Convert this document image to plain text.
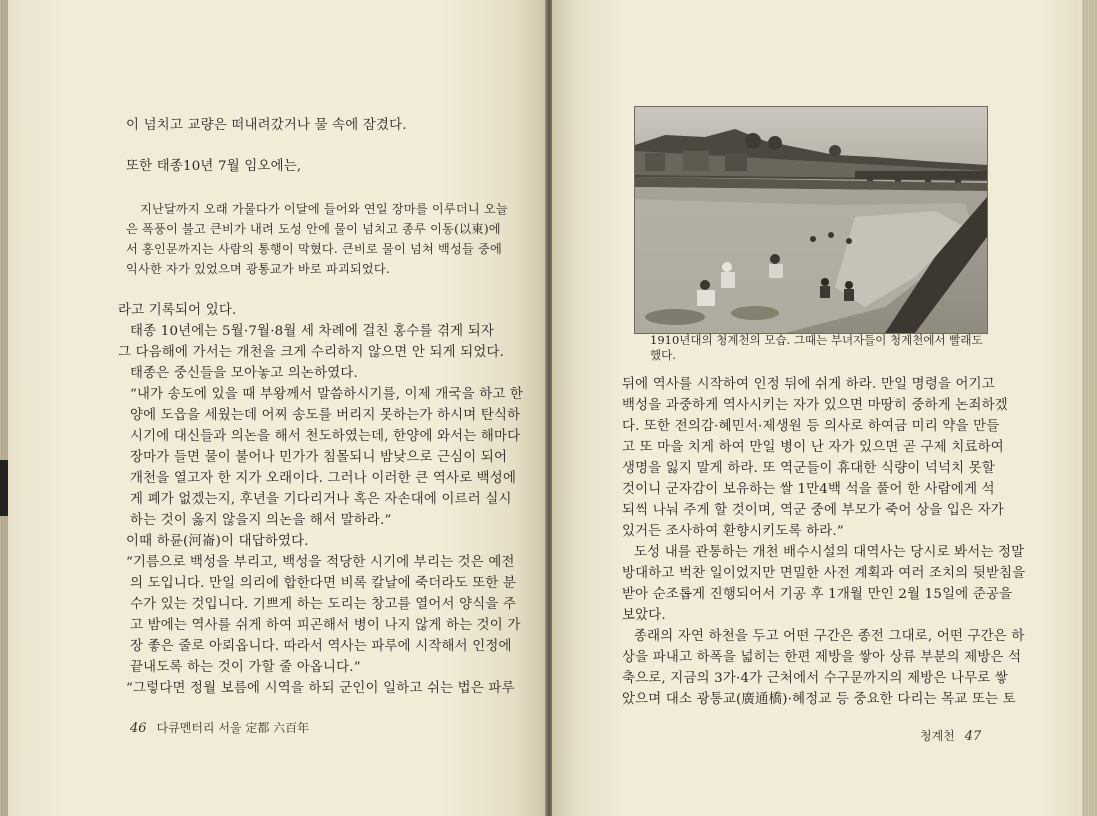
이 넘치고 교량은 떠내려갔거나 물 속에 잠겼다.
또한 태종10년 7월 임오에는,
지난달까지 오래 가물다가 이달에 들어와 연일 장마를 이루더니 오늘
은 폭풍이 불고 큰비가 내려 도성 안에 물이 넘치고 종루 이동(以東)에
서 홍인문까지는 사람의 통행이 막혔다. 큰비로 물이 넘쳐 백성들 중에
익사한 자가 있었으며 광통교가 바로 파괴되었다.
라고 기록되어 있다.
태종 10년에는 5월·7월·8월 세 차례에 걸친 홍수를 겪게 되자
그 다음해에 가서는 개천을 크게 수리하지 않으면 안 되게 되었다.
태종은 중신들을 모아놓고 의논하였다.
“내가 송도에 있을 때 부왕께서 말씀하시기를, 이제 개국을 하고 한
양에 도읍을 세웠는데 어찌 송도를 버리지 못하는가 하시며 탄식하
시기에 대신들과 의논을 해서 천도하였는데, 한양에 와서는 해마다
장마가 들면 물이 불어나 민가가 침몰되니 밤낮으로 근심이 되어
개천을 열고자 한 지가 오래이다. 그러나 이러한 큰 역사로 백성에
게 폐가 없겠는지, 후년을 기다리거나 혹은 자손대에 이르러 실시
하는 것이 옳지 않을지 의논을 해서 말하라.”
이때 하륜(河崙)이 대답하였다.
“기름으로 백성을 부리고, 백성을 적당한 시기에 부리는 것은 예전
의 도입니다. 만일 의리에 합한다면 비록 칼날에 죽더라도 또한 분
수가 있는 것입니다. 기쁘게 하는 도리는 창고를 열어서 양식을 주
고 밤에는 역사를 쉬게 하여 피곤해서 병이 나지 않게 하는 것이 가
장 좋은 줄로 아뢰옵니다. 따라서 역사는 파루에 시작해서 인정에
끝내도록 하는 것이 가할 줄 아옵니다.”
“그렇다면 정월 보름에 시역을 하되 군인이 일하고 쉬는 법은 파루
46 다큐멘터리 서울 定都 六百年
1910년대의 청계천의 모습. 그때는 부녀자들이 청계천에서 빨래도
했다.
뒤에 역사를 시작하여 인정 뒤에 쉬게 하라. 만일 명령을 어기고
백성을 과중하게 역사시키는 자가 있으면 마땅히 중하게 논죄하겠
다. 또한 전의감·혜민서·제생원 등 의사로 하여금 미리 약을 만들
고 또 마을 치게 하여 만일 병이 난 자가 있으면 곧 구제 치료하여
생명을 잃지 말게 하라. 또 역군들이 휴대한 식량이 넉넉치 못할
것이니 군자감이 보유하는 쌀 1만4백 석을 풀어 한 사람에게 석
되씩 나눠 주게 할 것이며, 역군 중에 부모가 죽어 상을 입은 자가
있거든 조사하여 환향시키도록 하라.”
도성 내를 관통하는 개천 배수시설의 대역사는 당시로 봐서는 정말
방대하고 벅찬 일이었지만 면밀한 사전 계획과 여러 조치의 뒷받침을
받아 순조롭게 진행되어서 기공 후 1개월 만인 2월 15일에 준공을
보았다.
종래의 자연 하천을 두고 어떤 구간은 종전 그대로, 어떤 구간은 하
상을 파내고 하폭을 넓히는 한편 제방을 쌓아 상류 부분의 제방은 석
축으로, 지금의 3가·4가 근처에서 수구문까지의 제방은 나무로 쌓
았으며 대소 광통교(廣通橋)·혜정교 등 중요한 다리는 목교 또는 토
청계천 47
